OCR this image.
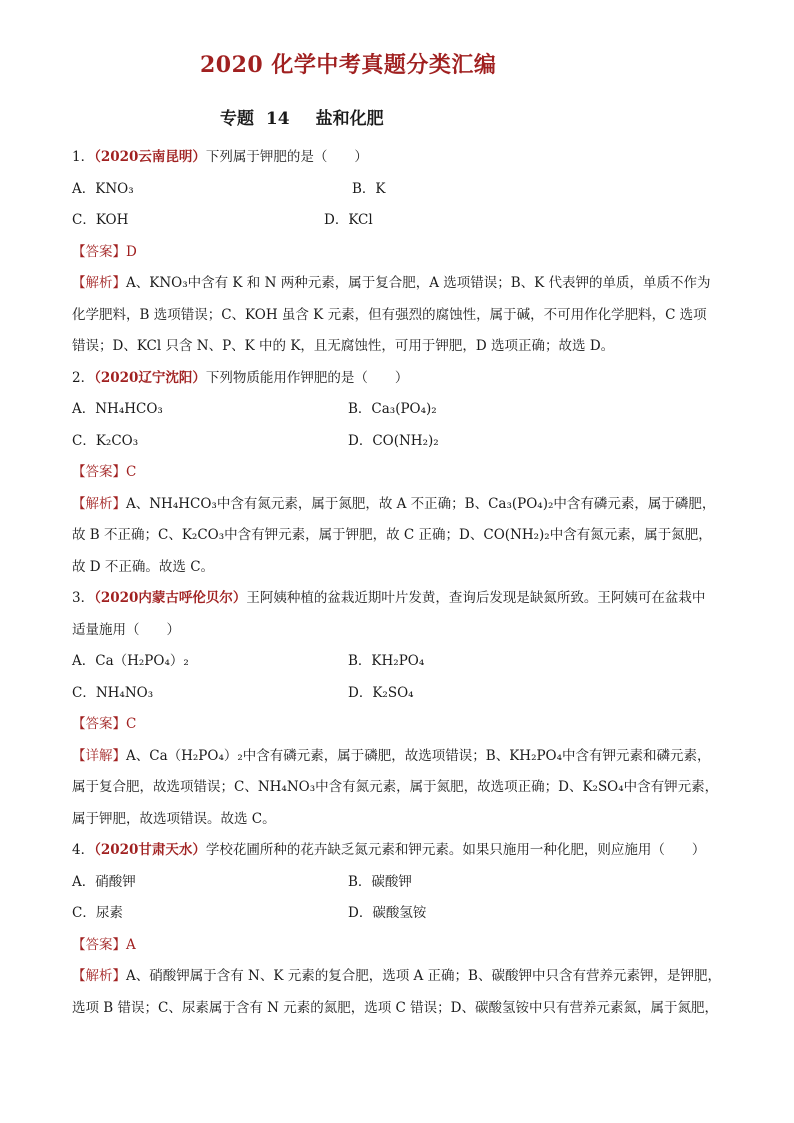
2020 化学中考真题分类汇编
专题 14 盐和化肥
1．（2020云南昆明）下列属于钾肥的是（　　）
A．KNO₃	B．K
C．KOH	D．KCl
【答案】D
【解析】A、KNO₃中含有 K 和 N 两种元素，属于复合肥，A 选项错误；B、K 代表钾的单质，单质不作为
化学肥料，B 选项错误；C、KOH 虽含 K 元素，但有强烈的腐蚀性，属于碱，不可用作化学肥料，C 选项
错误；D、KCl 只含 N、P、K 中的 K，且无腐蚀性，可用于钾肥，D 选项正确；故选 D。
2．（2020辽宁沈阳）下列物质能用作钾肥的是（　　）
A．NH₄HCO₃	B．Ca₃(PO₄)₂
C．K₂CO₃	D．CO(NH₂)₂
【答案】C
【解析】A、NH₄HCO₃中含有氮元素，属于氮肥，故 A 不正确；B、Ca₃(PO₄)₂中含有磷元素，属于磷肥，
故 B 不正确；C、K₂CO₃中含有钾元素，属于钾肥，故 C 正确；D、CO(NH₂)₂中含有氮元素，属于氮肥，
故 D 不正确。故选 C。
3．（2020内蒙古呼伦贝尔）王阿姨种植的盆栽近期叶片发黄，查询后发现是缺氮所致。王阿姨可在盆栽中
适量施用（　　）
A．Ca（H₂PO₄）₂	B．KH₂PO₄
C．NH₄NO₃	D．K₂SO₄
【答案】C
【详解】A、Ca（H₂PO₄）₂中含有磷元素，属于磷肥，故选项错误；B、KH₂PO₄中含有钾元素和磷元素，
属于复合肥，故选项错误；C、NH₄NO₃中含有氮元素，属于氮肥，故选项正确；D、K₂SO₄中含有钾元素，
属于钾肥，故选项错误。故选 C。
4．（2020甘肃天水）学校花圃所种的花卉缺乏氮元素和钾元素。如果只施用一种化肥，则应施用（　　）
A．硝酸钾	B．碳酸钾
C．尿素	D．碳酸氢铵
【答案】A
【解析】A、硝酸钾属于含有 N、K 元素的复合肥，选项 A 正确；B、碳酸钾中只含有营养元素钾，是钾肥，
选项 B 错误；C、尿素属于含有 N 元素的氮肥，选项 C 错误；D、碳酸氢铵中只有营养元素氮，属于氮肥，
